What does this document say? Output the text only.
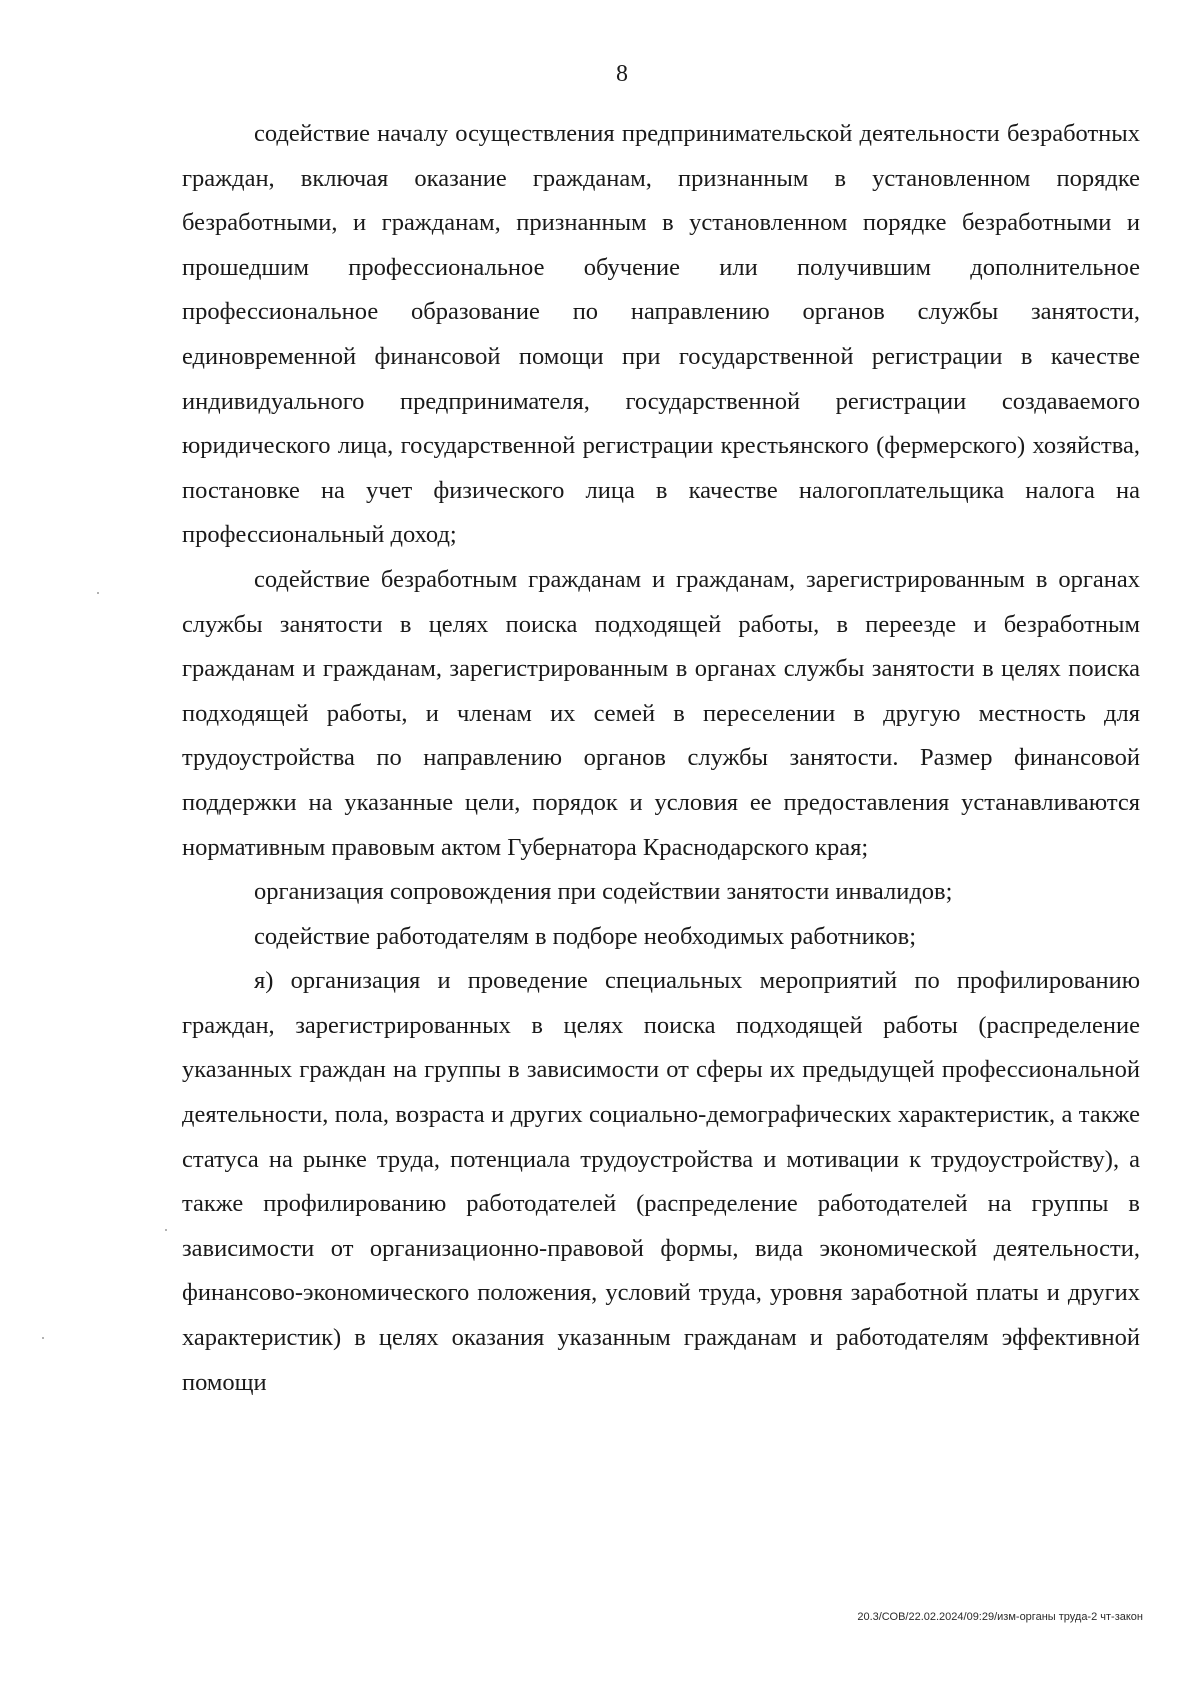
8

содействие началу осуществления предпринимательской деятельности безработных граждан, включая оказание гражданам, признанным в установленном порядке безработными, и гражданам, признанным в установленном порядке безработными и прошедшим профессиональное обучение или получившим дополнительное профессиональное образование по направлению органов службы занятости, единовременной финансовой помощи при государственной регистрации в качестве индивидуального предпринимателя, государственной регистрации создаваемого юридического лица, государственной регистрации крестьянского (фермерского) хозяйства, постановке на учет физического лица в качестве налогоплательщика налога на профессиональный доход;

содействие безработным гражданам и гражданам, зарегистрированным в органах службы занятости в целях поиска подходящей работы, в переезде и безработным гражданам и гражданам, зарегистрированным в органах службы занятости в целях поиска подходящей работы, и членам их семей в переселении в другую местность для трудоустройства по направлению органов службы занятости. Размер финансовой поддержки на указанные цели, порядок и условия ее предоставления устанавливаются нормативным правовым актом Губернатора Краснодарского края;

организация сопровождения при содействии занятости инвалидов;

содействие работодателям в подборе необходимых работников;

я) организация и проведение специальных мероприятий по профилированию граждан, зарегистрированных в целях поиска подходящей работы (распределение указанных граждан на группы в зависимости от сферы их предыдущей профессиональной деятельности, пола, возраста и других социально-демографических характеристик, а также статуса на рынке труда, потенциала трудоустройства и мотивации к трудоустройству), а также профилированию работодателей (распределение работодателей на группы в зависимости от организационно-правовой формы, вида экономической деятельности, финансово-экономического положения, условий труда, уровня заработной платы и других характеристик) в целях оказания указанным гражданам и работодателям эффективной помощи

20.3/СОВ/22.02.2024/09:29/изм-органы труда-2 чт-закон
